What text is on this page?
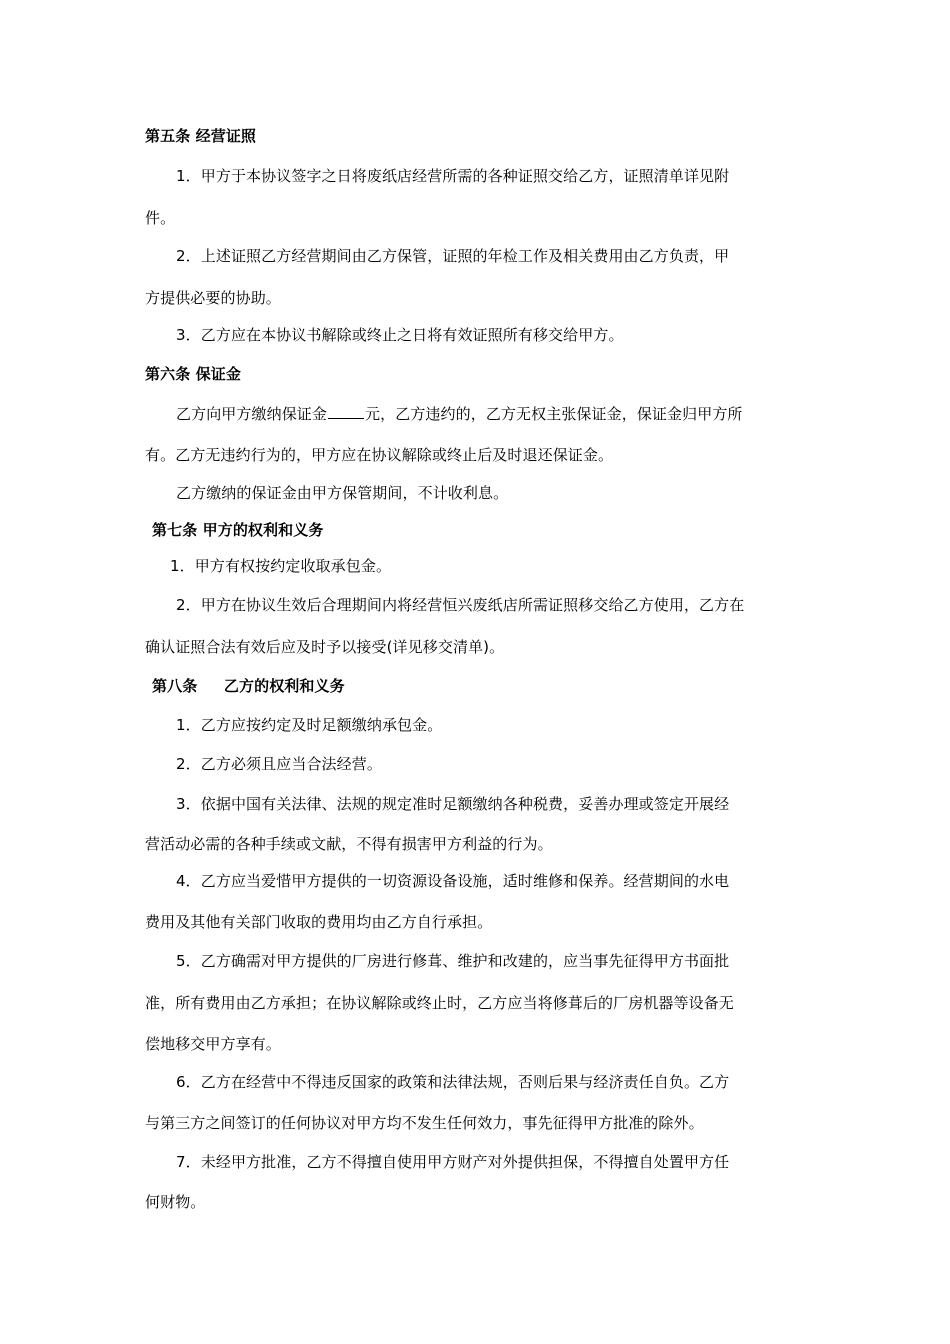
第五条 经营证照
1．甲方于本协议签字之日将废纸店经营所需的各种证照交给乙方，证照清单详见附
件。
2．上述证照乙方经营期间由乙方保管，证照的年检工作及相关费用由乙方负责，甲
方提供必要的协助。
3．乙方应在本协议书解除或终止之日将有效证照所有移交给甲方。
第六条 保证金
乙方向甲方缴纳保证金	元，乙方违约的，乙方无权主张保证金，保证金归甲方所
有。乙方无违约行为的，甲方应在协议解除或终止后及时退还保证金。
乙方缴纳的保证金由甲方保管期间，不计收利息。
第七条 甲方的权利和义务
1．甲方有权按约定收取承包金。
2．甲方在协议生效后合理期间内将经营恒兴废纸店所需证照移交给乙方使用，乙方在
确认证照合法有效后应及时予以接受(详见移交清单)。
第八条     乙方的权利和义务
1．乙方应按约定及时足额缴纳承包金。
2．乙方必须且应当合法经营。
3．依据中国有关法律、法规的规定准时足额缴纳各种税费，妥善办理或签定开展经
营活动必需的各种手续或文献，不得有损害甲方利益的行为。
4．乙方应当爱惜甲方提供的一切资源设备设施，适时维修和保养。经营期间的水电
费用及其他有关部门收取的费用均由乙方自行承担。
5．乙方确需对甲方提供的厂房进行修葺、维护和改建的，应当事先征得甲方书面批
准，所有费用由乙方承担；在协议解除或终止时，乙方应当将修葺后的厂房机器等设备无
偿地移交甲方享有。
6．乙方在经营中不得违反国家的政策和法律法规，否则后果与经济责任自负。乙方
与第三方之间签订的任何协议对甲方均不发生任何效力，事先征得甲方批准的除外。
7．未经甲方批准，乙方不得擅自使用甲方财产对外提供担保，不得擅自处置甲方任
何财物。
